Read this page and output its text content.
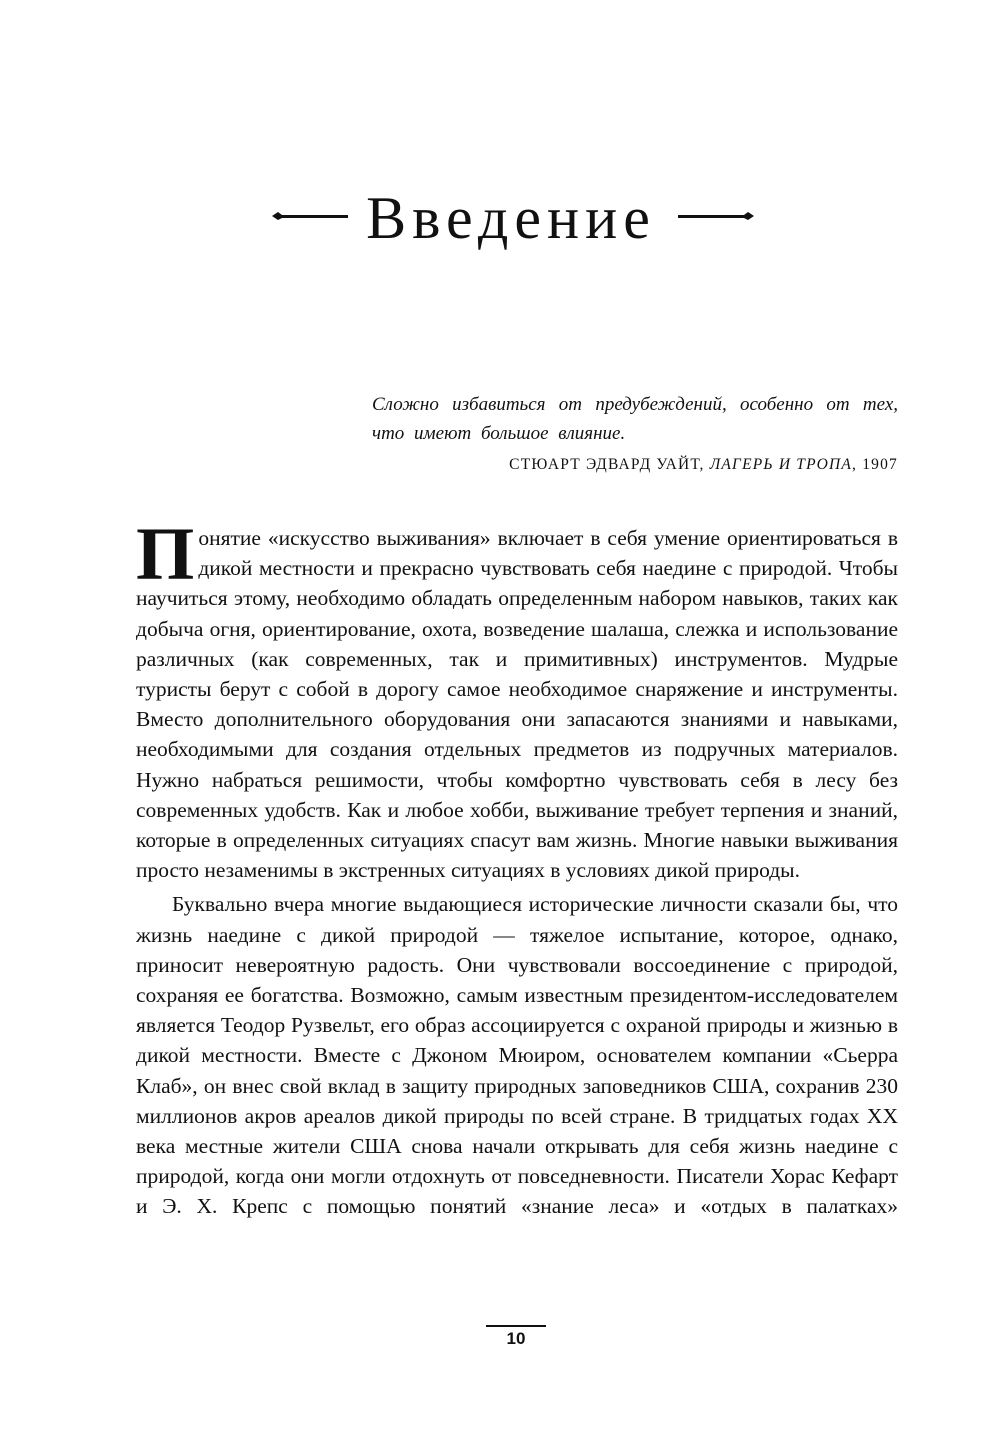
Введение

Сложно избавиться от предубеждений, особенно от тех, что имеют большое влияние.

СТЮАРТ ЭДВАРД УАЙТ, ЛАГЕРЬ И ТРОПА, 1907

Понятие «искусство выживания» включает в себя умение ориентироваться в дикой местности и прекрасно чувствовать себя наедине с природой. Чтобы научиться этому, необходимо обладать определенным набором навыков, таких как добыча огня, ориентирование, охота, возведение шалаша, слежка и использование различных (как современных, так и примитивных) инструментов. Мудрые туристы берут с собой в дорогу самое необходимое снаряжение и инструменты. Вместо дополнительного оборудования они запасаются знаниями и навыками, необходимыми для создания отдельных предметов из подручных материалов. Нужно набраться решимости, чтобы комфортно чувствовать себя в лесу без современных удобств. Как и любое хобби, выживание требует терпения и знаний, которые в определенных ситуациях спасут вам жизнь. Многие навыки выживания просто незаменимы в экстренных ситуациях в условиях дикой природы.

Буквально вчера многие выдающиеся исторические личности сказали бы, что жизнь наедине с дикой природой — тяжелое испытание, которое, однако, приносит невероятную радость. Они чувствовали воссоединение с природой, сохраняя ее богатства. Возможно, самым известным президентом-исследователем является Теодор Рузвельт, его образ ассоциируется с охраной природы и жизнью в дикой местности. Вместе с Джоном Мюиром, основателем компании «Сьерра Клаб», он внес свой вклад в защиту природных заповедников США, сохранив 230 миллионов акров ареалов дикой природы по всей стране. В тридцатых годах XX века местные жители США снова начали открывать для себя жизнь наедине с природой, когда они могли отдохнуть от повседневности. Писатели Хорас Кефарт и Э. Х. Крепс с помощью понятий «знание леса» и «отдых в палатках»

10
